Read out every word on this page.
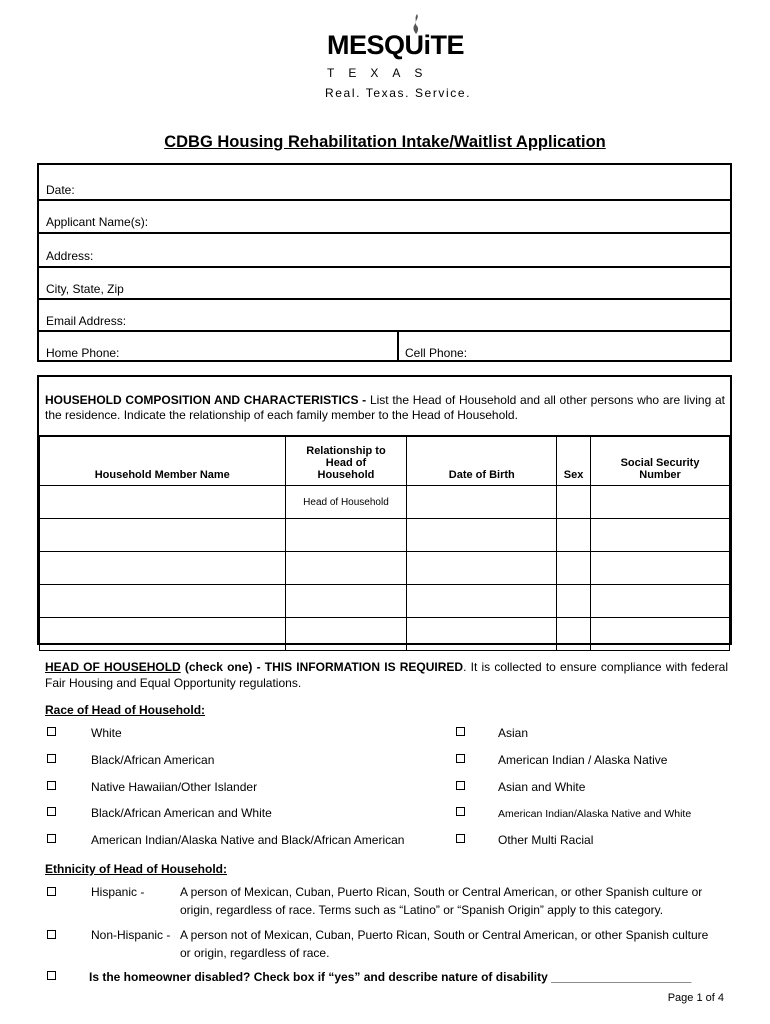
MESQUiTE
TEXAS
Real. Texas. Service.
CDBG Housing Rehabilitation Intake/Waitlist Application
Date:
Applicant Name(s):
Address:
City, State, Zip
Email Address:
Home Phone:	Cell Phone:
HOUSEHOLD COMPOSITION AND CHARACTERISTICS - List the Head of Household and all other persons who are living at the residence. Indicate the relationship of each family member to the Head of Household.
Household Member Name	Relationship to Head of Household	Date of Birth	Sex	Social Security Number
	Head of Household			

HEAD OF HOUSEHOLD (check one) - THIS INFORMATION IS REQUIRED. It is collected to ensure compliance with federal Fair Housing and Equal Opportunity regulations.
Race of Head of Household:
White
Black/African American
Native Hawaiian/Other Islander
Black/African American and White
American Indian/Alaska Native and Black/African American
Asian
American Indian / Alaska Native
Asian and White
American Indian/Alaska Native and White
Other Multi Racial
Ethnicity of Head of Household:
Hispanic -	A person of Mexican, Cuban, Puerto Rican, South or Central American, or other Spanish culture or origin, regardless of race. Terms such as “Latino” or “Spanish Origin” apply to this category.
Non-Hispanic - A person not of Mexican, Cuban, Puerto Rican, South or Central American, or other Spanish culture or origin, regardless of race.
Is the homeowner disabled? Check box if “yes” and describe nature of disability _____________________
Page 1 of 4
